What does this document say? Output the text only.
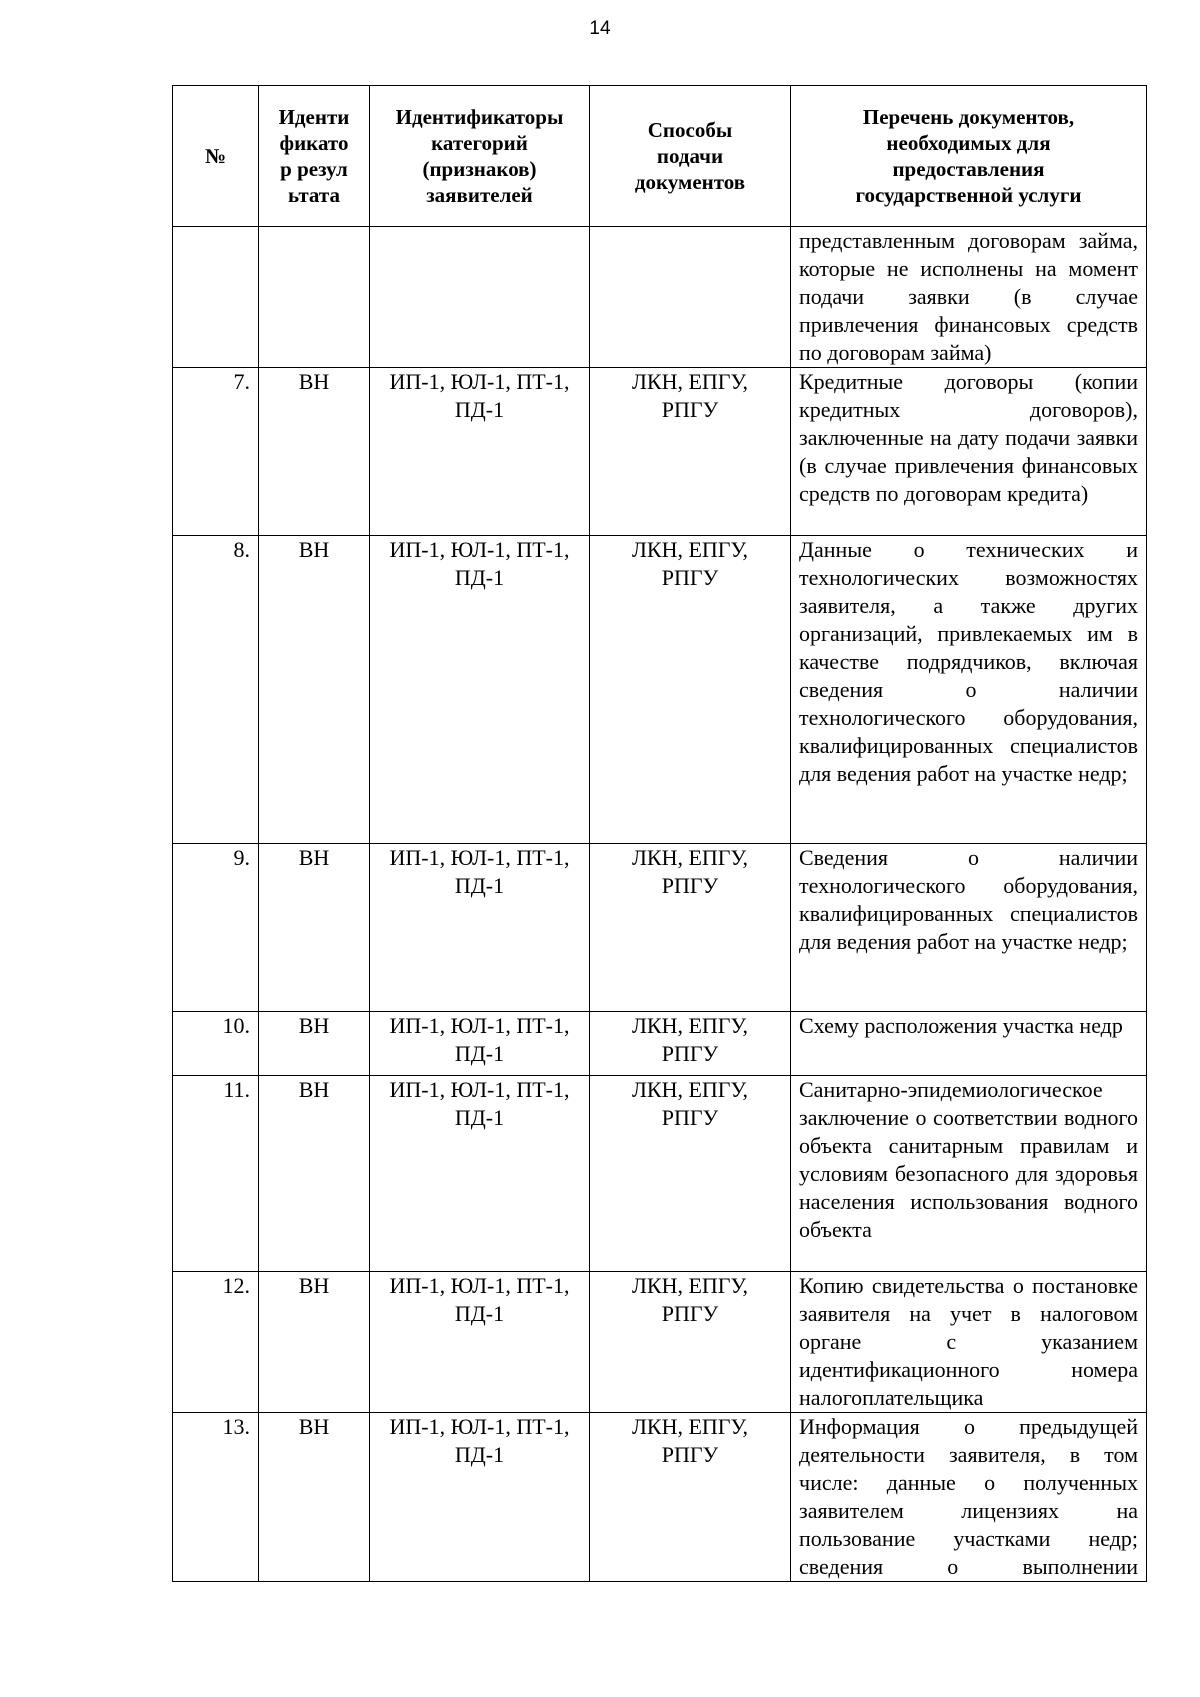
14
№	Идентификатор результата	Идентификаторы категорий (признаков) заявителей	Способы подачи документов	Перечень документов, необходимых для предоставления государственной услуги

				представленным договорам займа, которые не исполнены на момент подачи заявки (в случае привлечения финансовых средств по договорам займа)
7.	ВН	ИП-1, ЮЛ-1, ПТ-1, ПД-1	ЛКН, ЕПГУ, РПГУ	Кредитные договоры (копии кредитных договоров), заключенные на дату подачи заявки (в случае привлечения финансовых средств по договорам кредита)
8.	ВН	ИП-1, ЮЛ-1, ПТ-1, ПД-1	ЛКН, ЕПГУ, РПГУ	Данные о технических и технологических возможностях заявителя, а также других организаций, привлекаемых им в качестве подрядчиков, включая сведения о наличии технологического оборудования, квалифицированных специалистов для ведения работ на участке недр;
9.	ВН	ИП-1, ЮЛ-1, ПТ-1, ПД-1	ЛКН, ЕПГУ, РПГУ	Сведения о наличии технологического оборудования, квалифицированных специалистов для ведения работ на участке недр;
10.	ВН	ИП-1, ЮЛ-1, ПТ-1, ПД-1	ЛКН, ЕПГУ, РПГУ	Схему расположения участка недр
11.	ВН	ИП-1, ЮЛ-1, ПТ-1, ПД-1	ЛКН, ЕПГУ, РПГУ	Санитарно-эпидемиологическое заключение о соответствии водного объекта санитарным правилам и условиям безопасного для здоровья населения использования водного объекта
12.	ВН	ИП-1, ЮЛ-1, ПТ-1, ПД-1	ЛКН, ЕПГУ, РПГУ	Копию свидетельства о постановке заявителя на учет в налоговом органе с указанием идентификационного номера налогоплательщика
13.	ВН	ИП-1, ЮЛ-1, ПТ-1, ПД-1	ЛКН, ЕПГУ, РПГУ	Информация о предыдущей деятельности заявителя, в том числе: данные о полученных заявителем лицензиях на пользование участками недр; сведения о выполнении
